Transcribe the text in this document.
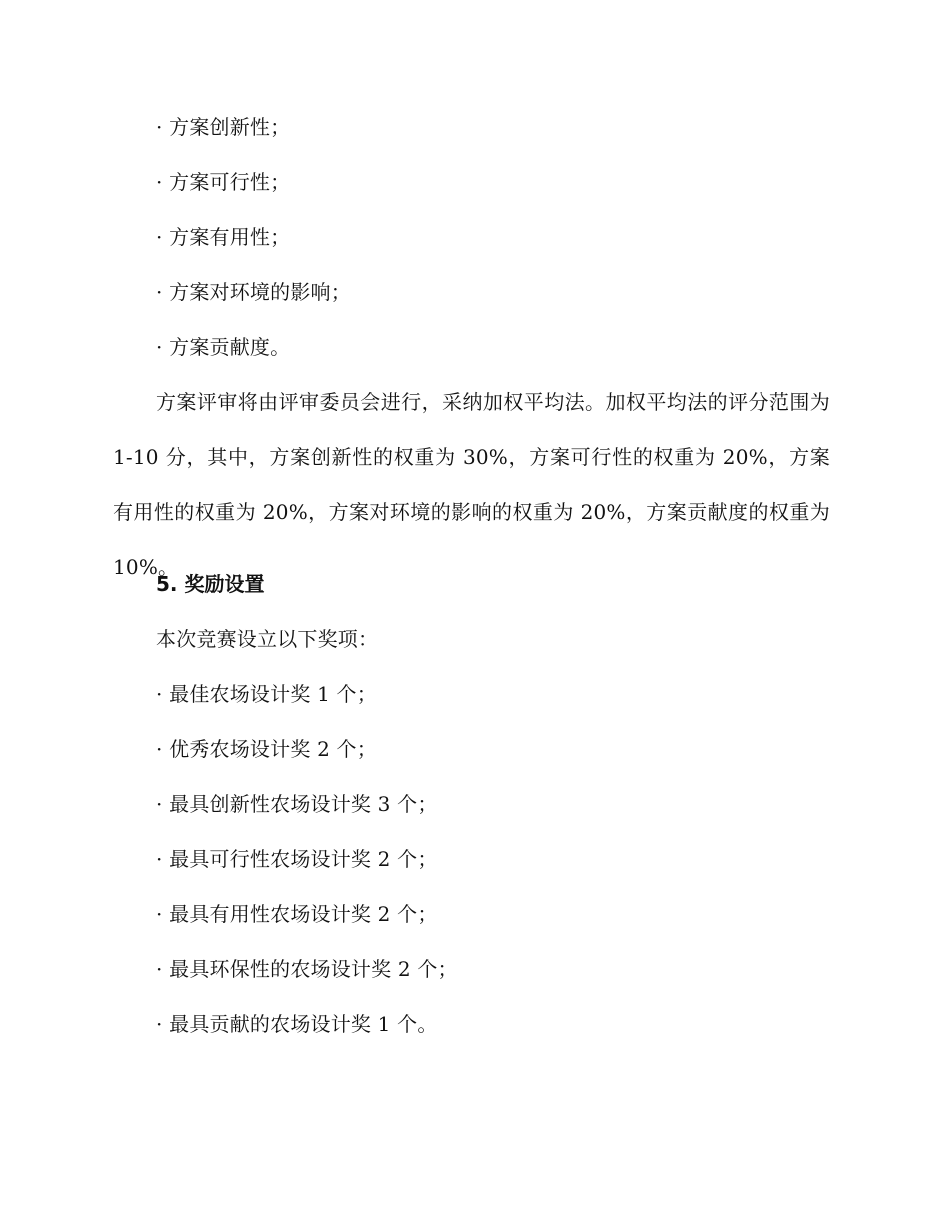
· 方案创新性；
· 方案可行性；
· 方案有用性；
· 方案对环境的影响；
· 方案贡献度。
方案评审将由评审委员会进行，采纳加权平均法。加权平均法的评分范围为 1-10 分，其中，方案创新性的权重为 30%，方案可行性的权重为 20%，方案有用性的权重为 20%，方案对环境的影响的权重为 20%，方案贡献度的权重为 10%。
5. 奖励设置
本次竞赛设立以下奖项：
· 最佳农场设计奖 1 个；
· 优秀农场设计奖 2 个；
· 最具创新性农场设计奖 3 个；
· 最具可行性农场设计奖 2 个；
· 最具有用性农场设计奖 2 个；
· 最具环保性的农场设计奖 2 个；
· 最具贡献的农场设计奖 1 个。
